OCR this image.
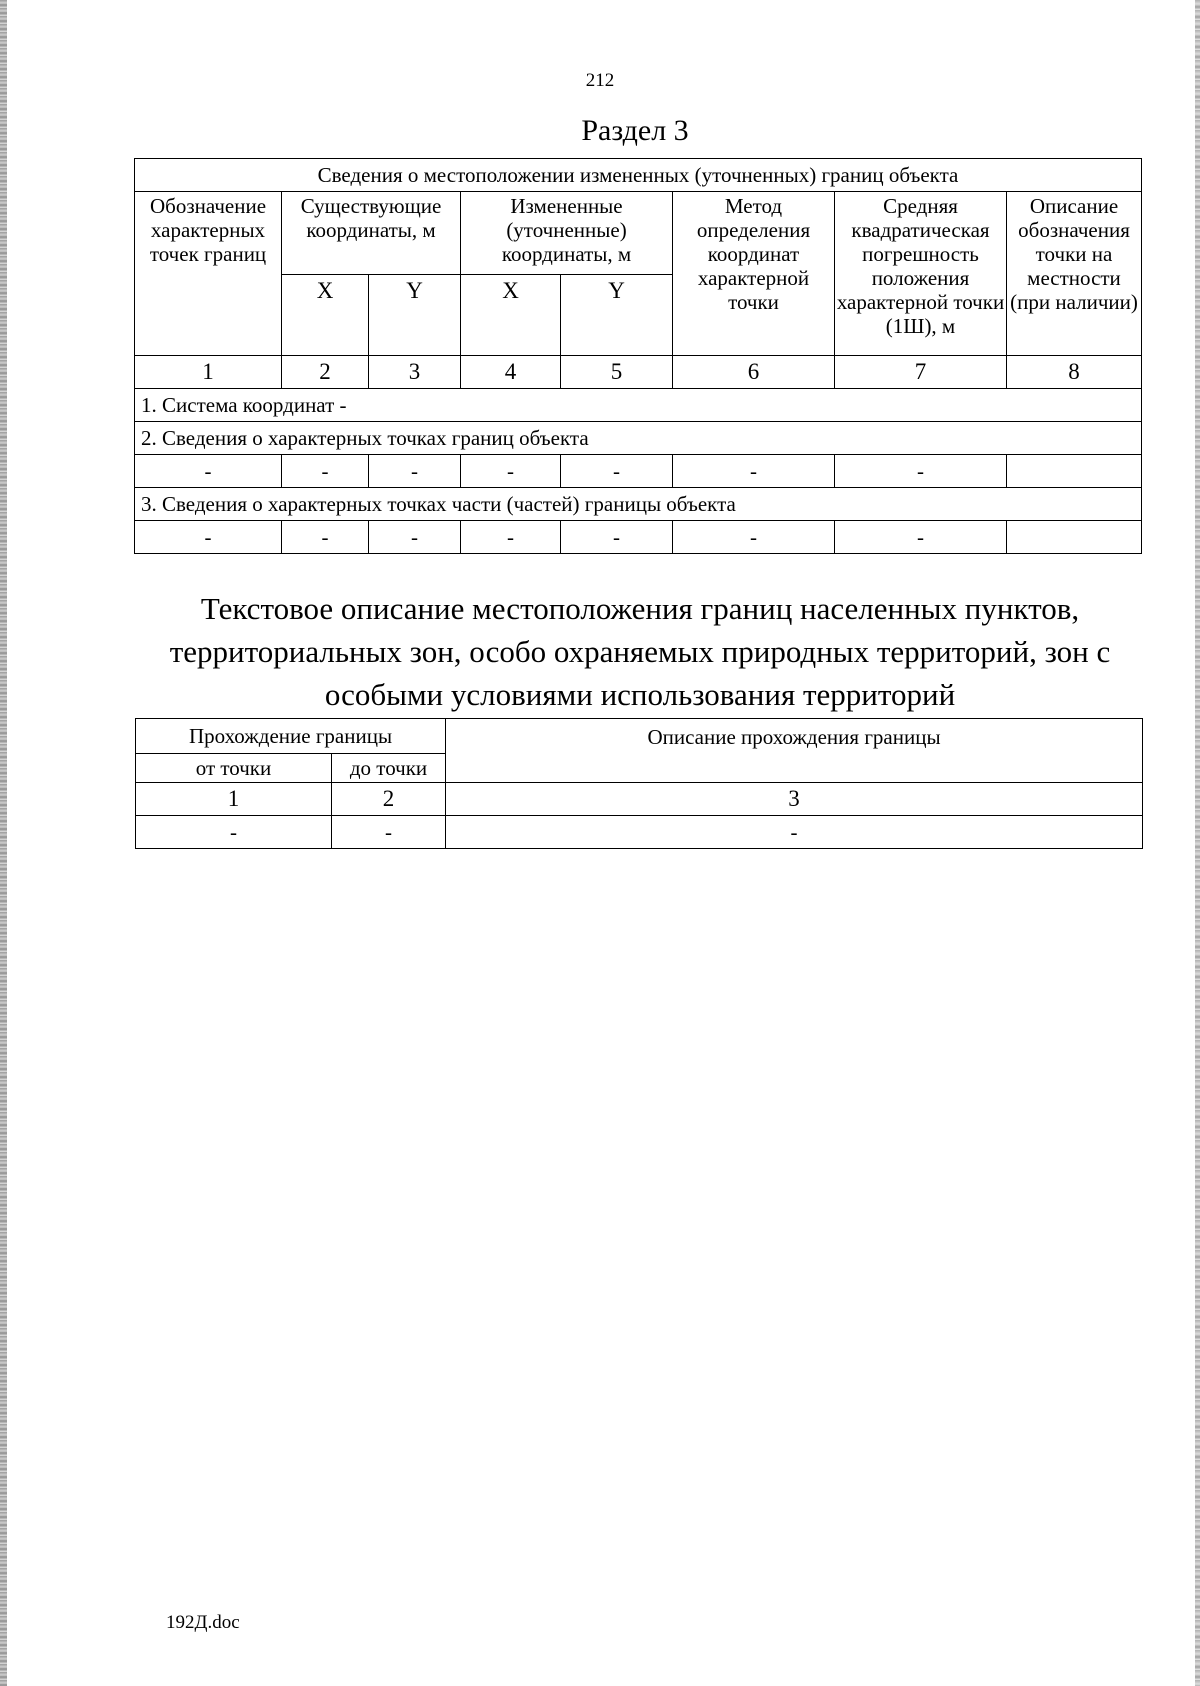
212
Раздел 3
Сведения о местоположении измененных (уточненных) границ объекта							
Обозначение характерных точек границ	Существующие координаты, м		Измененные (уточненные) координаты, м		Метод определения координат характерной точки	Средняя квадратическая погрешность положения характерной точки (1Ш), м	Описание обозначения точки на местности (при наличии)
	X	Y	X	Y			
1	2	3	4	5	6	7	8
1. Система координат -							
2. Сведения о характерных точках границ объекта							
-	-	-	-	-	-	-	
3. Сведения о характерных точках части (частей) границы объекта							
-	-	-	-	-	-	-	
Текстовое описание местоположения границ населенных пунктов, территориальных зон, особо охраняемых природных территорий, зон с особыми условиями использования территорий
Прохождение границы		Описание прохождения границы
от точки	до точки	
1	2	3
-	-	-
192Д.doc
